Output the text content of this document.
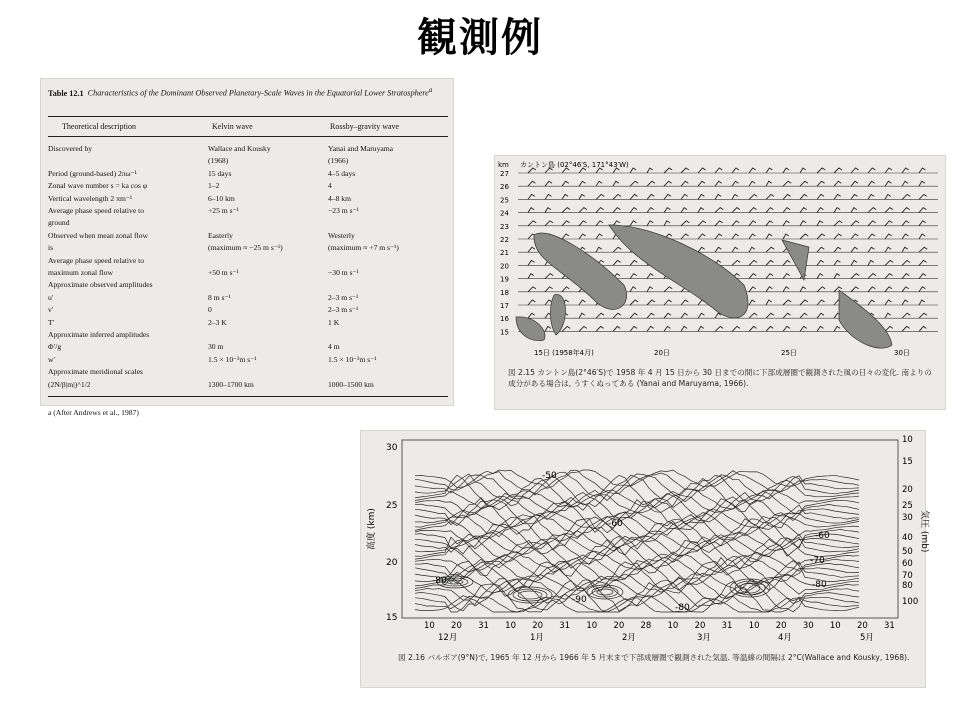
観測例
Table 12.1 Characteristics of the Dominant Observed Planetary-Scale Waves in the Equatorial Lower Stratosphere$^a$
Theoretical description	Kelvin wave	Rossby–gravity wave
Discovered by	Wallace and Kousky	Yanai and Maruyama
(1968)	(1966)
Period (ground-based) 2πω⁻¹	15 days	4–5 days
Zonal wave number s = ka cos φ	1–2	4
Vertical wavelength 2 πm⁻¹	6–10 km	4–8 km
Average phase speed relative to	+25 m s⁻¹	−23 m s⁻¹
ground
Observed when mean zonal flow	Easterly	Westerly
is	(maximum ≈ −25 m s⁻¹)	(maximum ≈ +7 m s⁻¹)
Average phase speed relative to
maximum zonal flow	+50 m s⁻¹	−30 m s⁻¹
Approximate observed amplitudes
u′	8 m s⁻¹	2–3 m s⁻¹
v′	0	2–3 m s⁻¹
T′	2–3 K	1 K
Approximate inferred amplitudes
Φ′/g	30 m	4 m
w′	1.5 × 10⁻³m s⁻¹	1.5 × 10⁻³m s⁻¹
Approximate meridional scales
(2N/β|m|)^1/2	1300–1700 km	1000–1500 km
a (After Andrews et al., 1987)
km カントン島 (02°46′S, 171°43′W)
27
26
25
24
23
22
21
20
19
18
17
16
15
15日 (1958年4月)	20日	25日	30日
図 2.15 カントン島(2°46′S)で 1958 年 4 月 15 日から 30 日までの間に下部成層圏で観測された風の日々の変化. 南よりの成分がある場合は, うすくぬってある (Yanai and Maruyama, 1966).
-50
-60
-60
-70
-80	-80
-90
-80
30
25
20
15
10
15
20
25
30
40
50
60
70
80
100
10 20 31 10 20 31 10 20 28 10 20 31 10 20 30 10 20 31
12月	1月	2月	3月	4月	5月
高度 (km)	気圧 (mb)
図 2.16 バルボア(9°N)で, 1965 年 12 月から 1966 年 5 月末まで下部成層圏で観測された気温. 等温線の間隔は 2°C(Wallace and Kousky, 1968).
